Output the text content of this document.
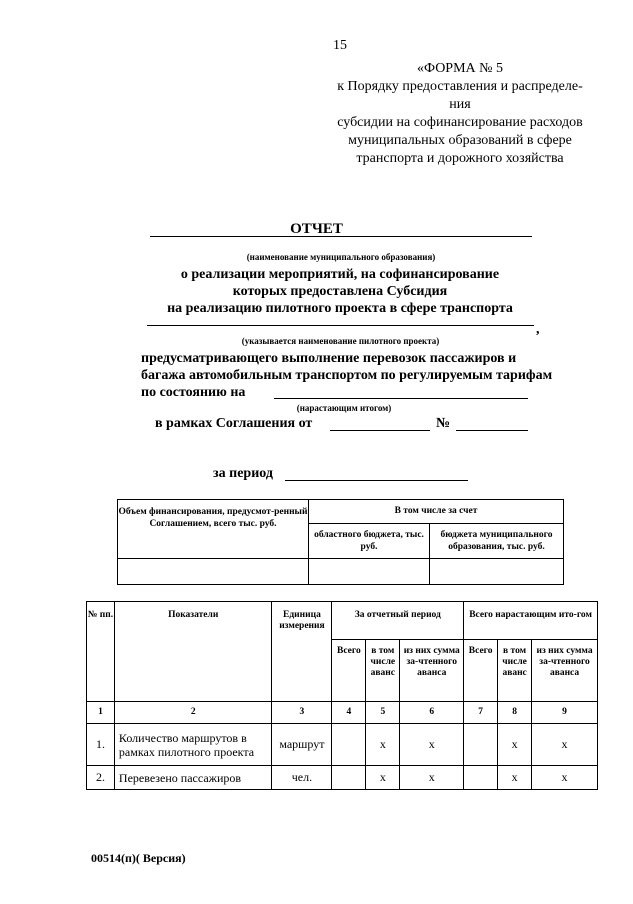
15
«ФОРМА № 5
к Порядку предоставления и распределе-
ния
субсидии на софинансирование расходов
муниципальных образований в сфере
транспорта и дорожного хозяйства
ОТЧЕТ
(наименование муниципального образования)
о реализации мероприятий, на софинансирование
которых предоставлена Субсидия
на реализацию пилотного проекта в сфере транспорта
,
(указывается наименование пилотного проекта)
предусматривающего выполнение перевозок пассажиров и
багажа автомобильным транспортом по регулируемым тарифам
по состоянию на
(нарастающим итогом)
в рамках Соглашения от	№
за период
Объем финансирования, предусмот-ренный Соглашением, всего тыс. руб.	В том числе за счет	
	областного бюджета, тыс. руб.	бюджета муниципального образования, тыс. руб.

№ пп.	Показатели	Единица измерения	За отчетный период			Всего нарастающим ито-гом		
			Всего	в том числе аванс	из них сумма за-чтенного аванса	Всего	в том числе аванс	из них сумма за-чтенного аванса
1	2	3	4	5	6	7	8	9
1.	Количество маршрутов в рамках пилотного проекта	маршрут		х	х		х	х
2.	Перевезено пассажиров	чел.		х	х		х	х
00514(п)( Версия)
